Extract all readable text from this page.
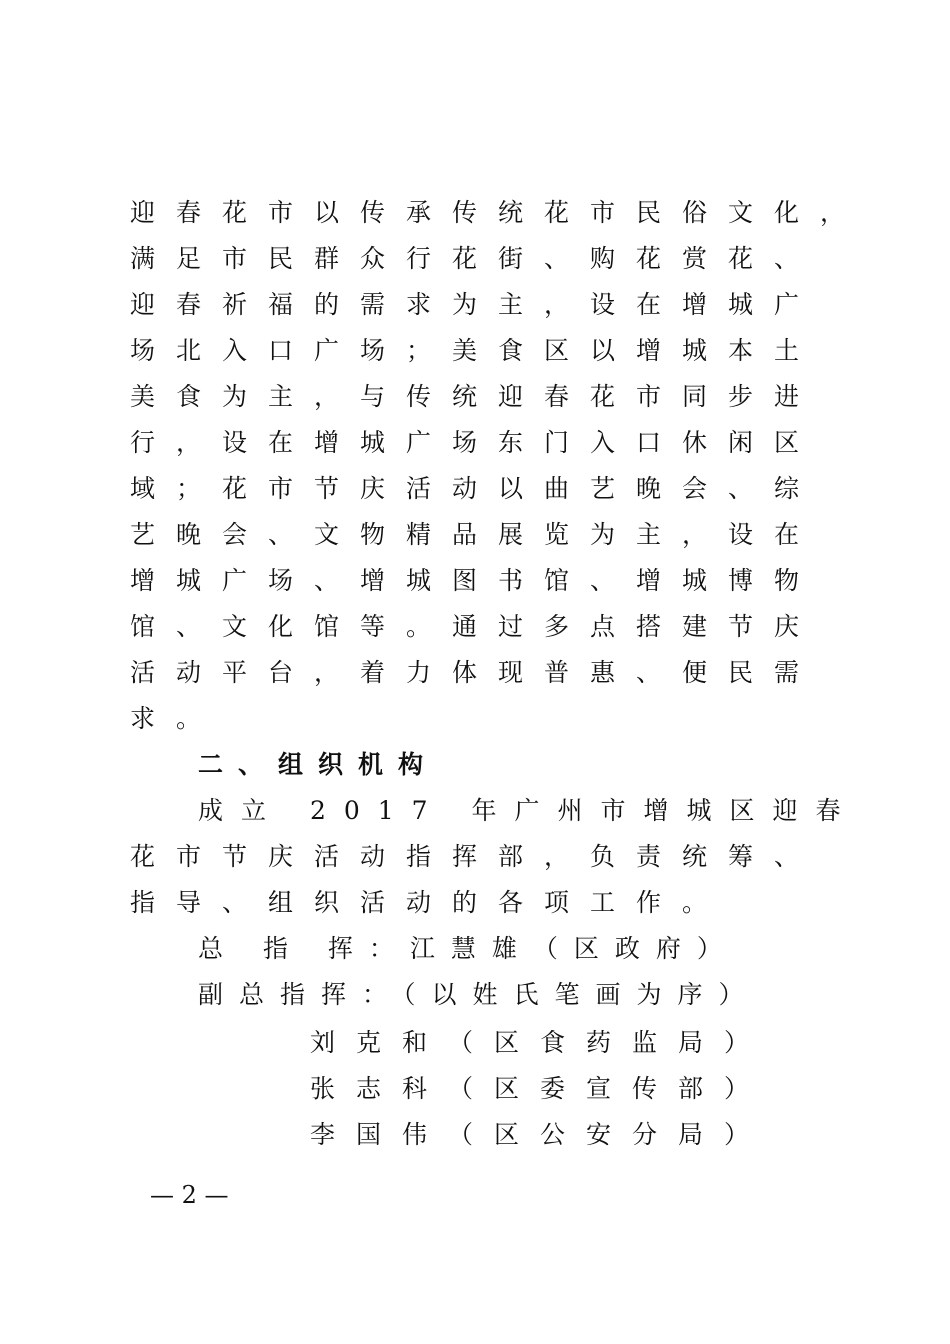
迎春花市以传承传统花市民俗文化，
满足市民群众行花街、购花赏花、
迎春祈福的需求为主，设在增城广
场北入口广场；美食区以增城本土
美食为主，与传统迎春花市同步进
行，设在增城广场东门入口休闲区
域；花市节庆活动以曲艺晚会、综
艺晚会、文物精品展览为主，设在
增城广场、增城图书馆、增城博物
馆、文化馆等。通过多点搭建节庆
活动平台，着力体现普惠、便民需
求。
二、组织机构
成立 2017 年广州市增城区迎春
花市节庆活动指挥部，负责统筹、
指导、组织活动的各项工作。
总 指 挥：江慧雄（区政府）
副总指挥：（以姓氏笔画为序）
刘克和（区食药监局）
张志科（区委宣传部）
李国伟（区公安分局）
— 2 —
